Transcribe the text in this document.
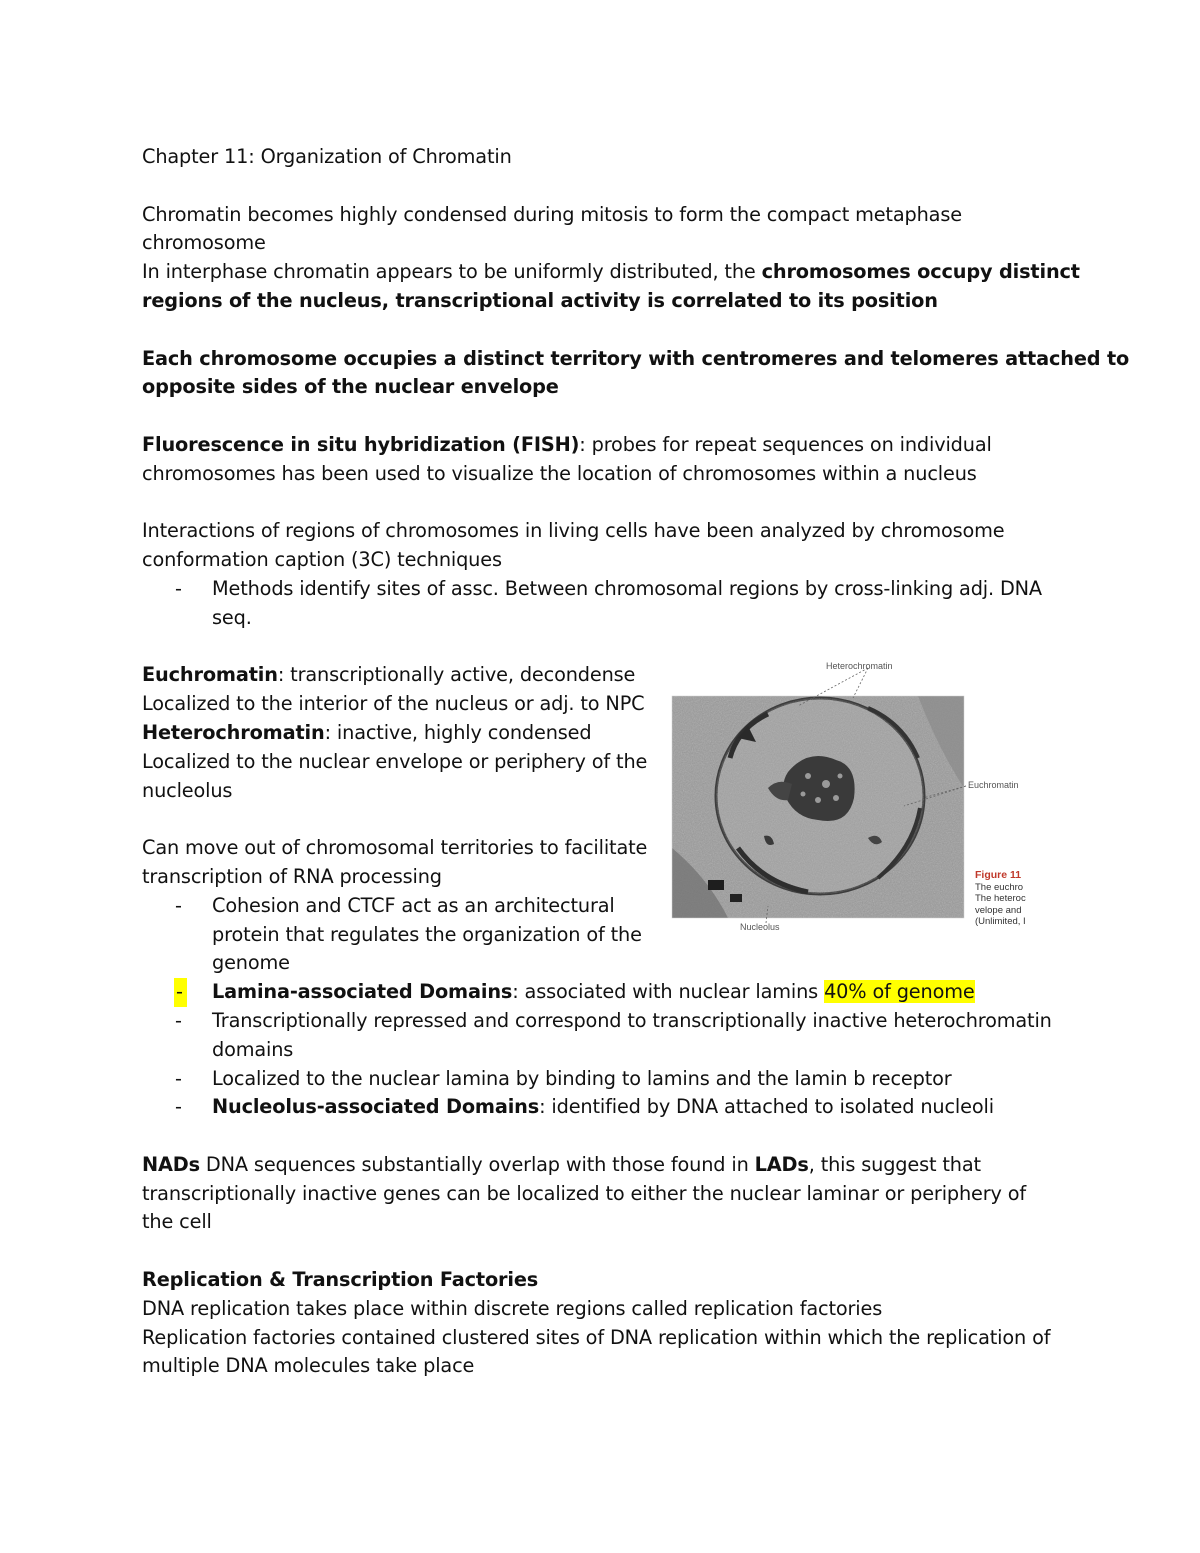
Chapter 11: Organization of Chromatin
Chromatin becomes highly condensed during mitosis to form the compact metaphase
chromosome
In interphase chromatin appears to be uniformly distributed, the chromosomes occupy distinct
regions of the nucleus, transcriptional activity is correlated to its position
Each chromosome occupies a distinct territory with centromeres and telomeres attached to
opposite sides of the nuclear envelope
Fluorescence in situ hybridization (FISH): probes for repeat sequences on individual
chromosomes has been used to visualize the location of chromosomes within a nucleus
Interactions of regions of chromosomes in living cells have been analyzed by chromosome
conformation caption (3C) techniques
- Methods identify sites of assc. Between chromosomal regions by cross-linking adj. DNA
seq.
Euchromatin: transcriptionally active, decondense
Localized to the interior of the nucleus or adj. to NPC
Heterochromatin: inactive, highly condensed
Localized to the nuclear envelope or periphery of the
nucleolus
Can move out of chromosomal territories to facilitate
transcription of RNA processing
- Cohesion and CTCF act as an architectural
protein that regulates the organization of the
genome
- Lamina-associated Domains: associated with nuclear lamins 40% of genome
- Transcriptionally repressed and correspond to transcriptionally inactive heterochromatin
domains
- Localized to the nuclear lamina by binding to lamins and the lamin b receptor
- Nucleolus-associated Domains: identified by DNA attached to isolated nucleoli
NADs DNA sequences substantially overlap with those found in LADs, this suggest that
transcriptionally inactive genes can be localized to either the nuclear laminar or periphery of
the cell
Replication & Transcription Factories
DNA replication takes place within discrete regions called replication factories
Replication factories contained clustered sites of DNA replication within which the replication of
multiple DNA molecules take place
Heterochromatin
Euchromatin
Nucleolus
Figure 11
The euchro
The heteroc
velope and
(Unlimited, I
